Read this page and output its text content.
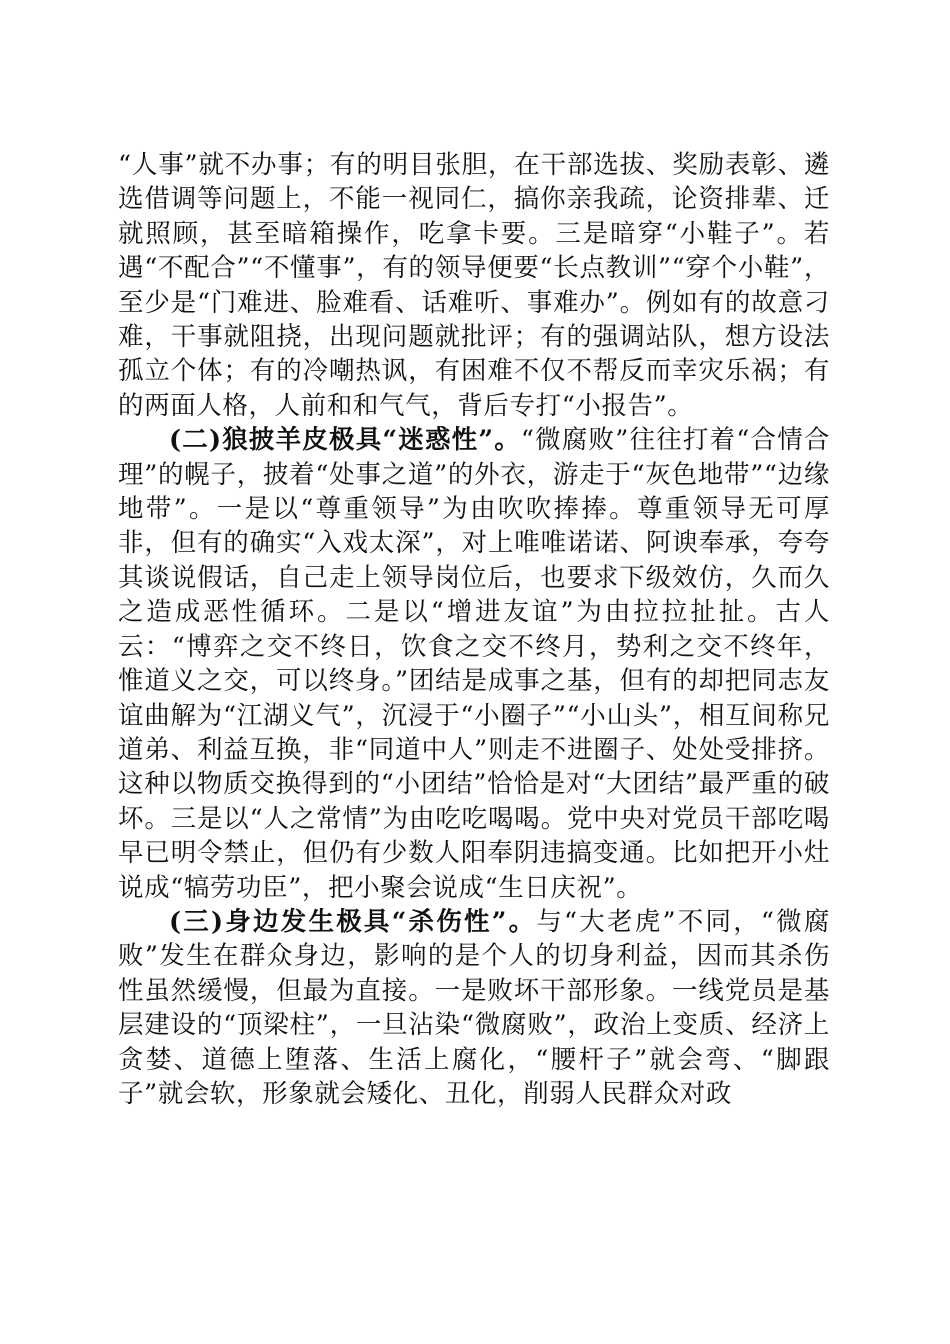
“人事”就不办事；有的明目张胆，在干部选拔、奖励表彰、遴选借调等问题上，不能一视同仁，搞你亲我疏，论资排辈、迁就照顾，甚至暗箱操作，吃拿卡要。三是暗穿“小鞋子”。若遇“不配合”“不懂事”，有的领导便要“长点教训”“穿个小鞋”，至少是“门难进、脸难看、话难听、事难办”。例如有的故意刁难，干事就阻挠，出现问题就批评；有的强调站队，想方设法孤立个体；有的冷嘲热讽，有困难不仅不帮反而幸灾乐祸；有的两面人格，人前和和气气，背后专打“小报告”。

(二)狼披羊皮极具“迷惑性”。“微腐败”往往打着“合情合理”的幌子，披着“处事之道”的外衣，游走于“灰色地带”“边缘地带”。一是以“尊重领导”为由吹吹捧捧。尊重领导无可厚非，但有的确实“入戏太深”，对上唯唯诺诺、阿谀奉承，夸夸其谈说假话，自己走上领导岗位后，也要求下级效仿，久而久之造成恶性循环。二是以“增进友谊”为由拉拉扯扯。古人云：“博弈之交不终日，饮食之交不终月，势利之交不终年，惟道义之交，可以终身。”团结是成事之基，但有的却把同志友谊曲解为“江湖义气”，沉浸于“小圈子”“小山头”，相互间称兄道弟、利益互换，非“同道中人”则走不进圈子、处处受排挤。这种以物质交换得到的“小团结”恰恰是对“大团结”最严重的破坏。三是以“人之常情”为由吃吃喝喝。党中央对党员干部吃喝早已明令禁止，但仍有少数人阳奉阴违搞变通。比如把开小灶说成“犒劳功臣”，把小聚会说成“生日庆祝”。

(三)身边发生极具“杀伤性”。与“大老虎”不同，“微腐败”发生在群众身边，影响的是个人的切身利益，因而其杀伤性虽然缓慢，但最为直接。一是败坏干部形象。一线党员是基层建设的“顶梁柱”，一旦沾染“微腐败”，政治上变质、经济上贪婪、道德上堕落、生活上腐化，“腰杆子”就会弯、“脚跟子”就会软，形象就会矮化、丑化，削弱人民群众对政
